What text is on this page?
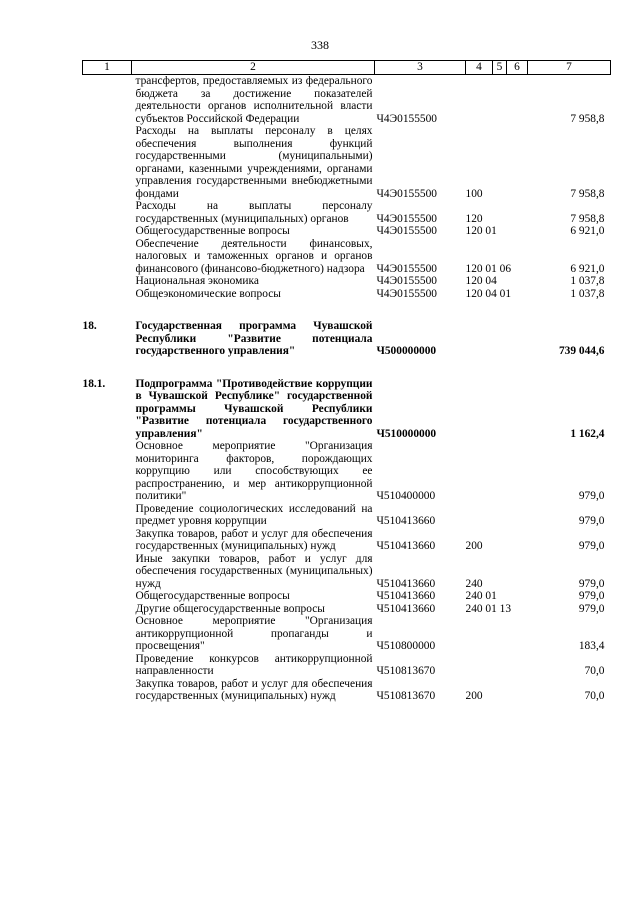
338
1	2	3	4	5	6	7
	трансфертов, предоставляемых из федерального бюджета за достижение показателей деятельности органов исполнительной власти субъектов Российской Федерации	Ч4Э0155500				7 958,8
	Расходы на выплаты персоналу в целях обеспечения выполнения функций государственными (муниципальными) органами, казенными учреждениями, органами управления государственными внебюджетными фондами	Ч4Э0155500	100			7 958,8
	Расходы на выплаты персоналу государственных (муниципальных) органов	Ч4Э0155500	120			7 958,8
	Общегосударственные вопросы	Ч4Э0155500	120 01			6 921,0
	Обеспечение деятельности финансовых, налоговых и таможенных органов и органов финансового (финансово-бюджетного) надзора	Ч4Э0155500	120 01 06			6 921,0
	Национальная экономика	Ч4Э0155500	120 04			1 037,8
	Общеэкономические вопросы	Ч4Э0155500	120 04 01			1 037,8

18.	Государственная программа Чувашской Республики "Развитие потенциала государственного управления"	Ч500000000				739 044,6

18.1.	Подпрограмма "Противодействие коррупции в Чувашской Республике" государственной программы Чувашской Республики "Развитие потенциала государственного управления"	Ч510000000				1 162,4
	Основное мероприятие "Организация мониторинга факторов, порождающих коррупцию или способствующих ее распространению, и мер антикоррупционной политики"	Ч510400000				979,0
	Проведение социологических исследований на предмет уровня коррупции	Ч510413660				979,0
	Закупка товаров, работ и услуг для обеспечения государственных (муниципальных) нужд	Ч510413660	200			979,0
	Иные закупки товаров, работ и услуг для обеспечения государственных (муниципальных) нужд	Ч510413660	240			979,0
	Общегосударственные вопросы	Ч510413660	240 01			979,0
	Другие общегосударственные вопросы	Ч510413660	240 01 13			979,0
	Основное мероприятие "Организация антикоррупционной пропаганды и просвещения"	Ч510800000				183,4
	Проведение конкурсов антикоррупционной направленности	Ч510813670				70,0
	Закупка товаров, работ и услуг для обеспечения государственных (муниципальных) нужд	Ч510813670	200			70,0
